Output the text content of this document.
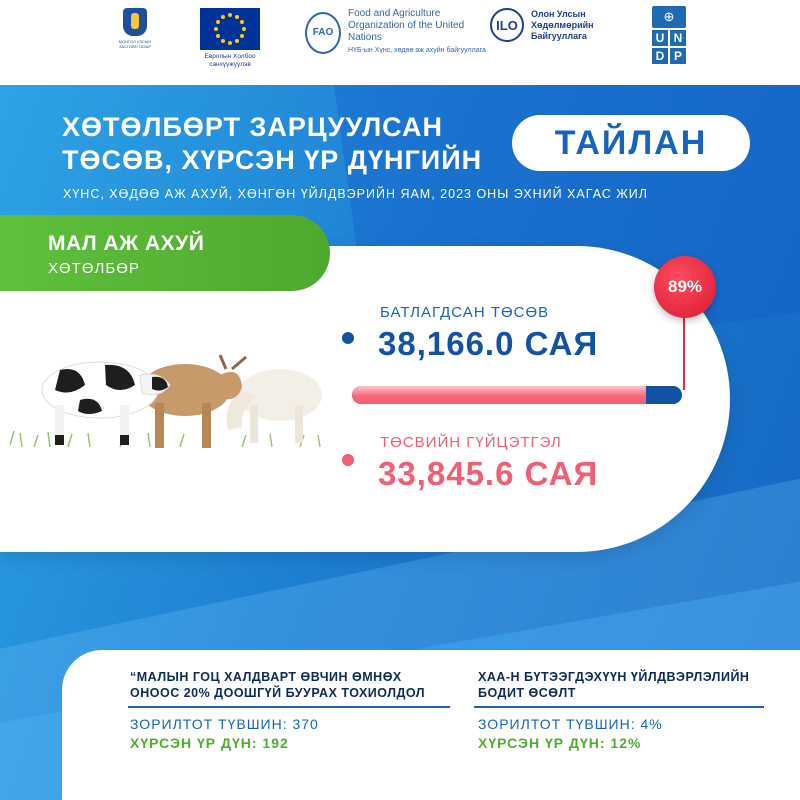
МОНГОЛ УЛСЫН ЗАСГИЙН ГАЗАР
Европын Холбоо санхүүжүүлэв
FAO
Food and Agriculture Organization of the United Nations
НҮБ-ын Хүнс, хөдөө аж ахуйн байгууллага
ILO
Олон Улсын Хөдөлмөрийн Байгууллага
⊕
U N
D P
ХӨТӨЛБӨРТ ЗАРЦУУЛСАН
ТӨСӨВ, ХҮРСЭН ҮР ДҮНГИЙН	ТАЙЛАН
ХҮНС, ХӨДӨӨ АЖ АХУЙ, ХӨНГӨН ҮЙЛДВЭРИЙН ЯАМ, 2023 ОНЫ ЭХНИЙ ХАГАС ЖИЛ
МАЛ АЖ АХУЙ
ХӨТӨЛБӨР
БАТЛАГДСАН ТӨСӨВ
38,166.0 САЯ
89%
ТӨСВИЙН ГҮЙЦЭТГЭЛ
33,845.6 САЯ
“МАЛЫН ГОЦ ХАЛДВАРТ ӨВЧИН ӨМНӨХ ОНООС 20% ДООШГҮЙ БУУРАХ ТОХИОЛДОЛ
ЗОРИЛТОТ ТҮВШИН: 370
ХҮРСЭН ҮР ДҮН: 192
ХАА-Н БҮТЭЭГДЭХҮҮН ҮЙЛДВЭРЛЭЛИЙН БОДИТ ӨСӨЛТ
ЗОРИЛТОТ ТҮВШИН: 4%
ХҮРСЭН ҮР ДҮН: 12%
